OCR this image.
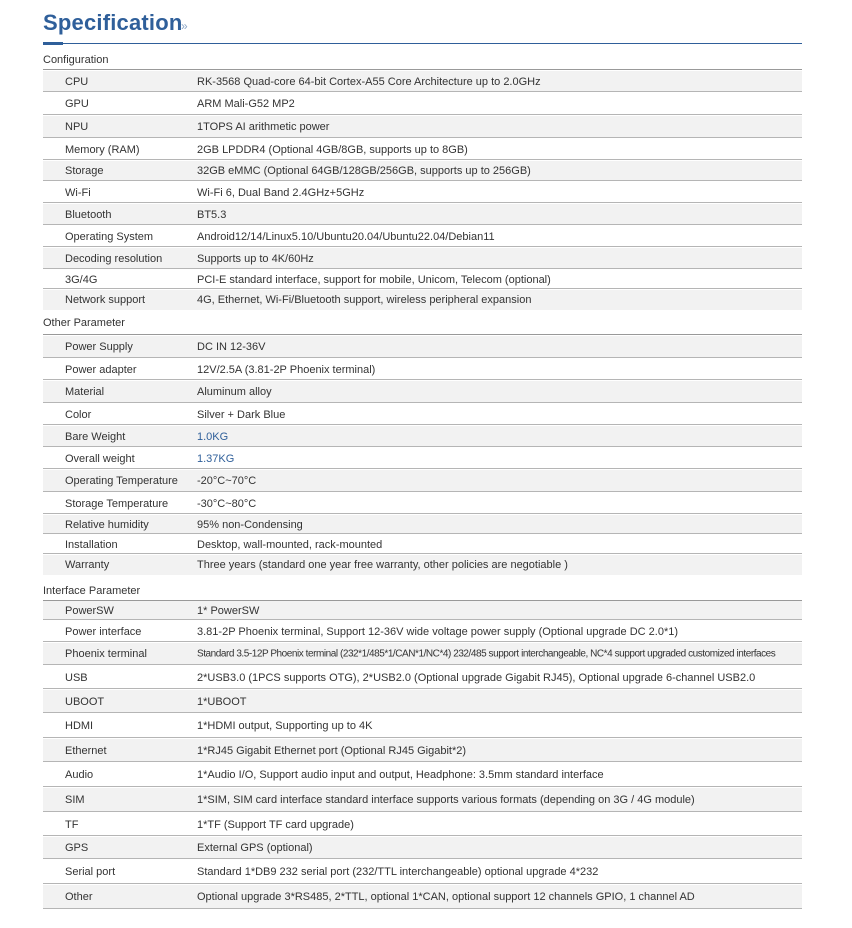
Specification
»
Configuration
CPU	RK-3568 Quad-core 64-bit Cortex-A55 Core Architecture up to 2.0GHz
GPU	ARM Mali-G52 MP2
NPU	1TOPS AI arithmetic power
Memory (RAM)	2GB LPDDR4 (Optional 4GB/8GB, supports up to 8GB)
Storage	32GB eMMC (Optional 64GB/128GB/256GB, supports up to 256GB)
Wi-Fi	Wi-Fi 6, Dual Band 2.4GHz+5GHz
Bluetooth	BT5.3
Operating System	Android12/14/Linux5.10/Ubuntu20.04/Ubuntu22.04/Debian11
Decoding resolution	Supports up to 4K/60Hz
3G/4G	PCI-E standard interface, support for mobile, Unicom, Telecom (optional)
Network support	4G, Ethernet, Wi-Fi/Bluetooth support, wireless peripheral expansion
Other Parameter
Power Supply	DC IN 12-36V
Power adapter	12V/2.5A (3.81-2P Phoenix terminal)
Material	Aluminum alloy
Color	Silver + Dark Blue
Bare Weight	1.0KG
Overall weight	1.37KG
Operating Temperature -20°C~70°C
Storage Temperature	-30°C~80°C
Relative humidity	95% non-Condensing
Installation	Desktop, wall-mounted, rack-mounted
Warranty	Three years (standard one year free warranty, other policies are negotiable )
Interface Parameter
PowerSW	1* PowerSW
Power interface	3.81-2P Phoenix terminal, Support 12-36V wide voltage power supply (Optional upgrade DC 2.0*1)
Phoenix terminal	Standard 3.5-12P Phoenix terminal (232*1/485*1/CAN*1/NC*4) 232/485 support interchangeable, NC*4 support upgraded customized interfaces
USB	2*USB3.0 (1PCS supports OTG), 2*USB2.0 (Optional upgrade Gigabit RJ45), Optional upgrade 6-channel USB2.0
UBOOT	1*UBOOT
HDMI	1*HDMI output, Supporting up to 4K
Ethernet	1*RJ45 Gigabit Ethernet port (Optional RJ45 Gigabit*2)
Audio	1*Audio I/O, Support audio input and output, Headphone: 3.5mm standard interface
SIM	1*SIM, SIM card interface standard interface supports various formats (depending on 3G / 4G module)
TF	1*TF (Support TF card upgrade)
GPS	External GPS (optional)
Serial port	Standard 1*DB9 232 serial port (232/TTL interchangeable) optional upgrade 4*232
Other	Optional upgrade 3*RS485, 2*TTL, optional 1*CAN, optional support 12 channels GPIO, 1 channel AD
